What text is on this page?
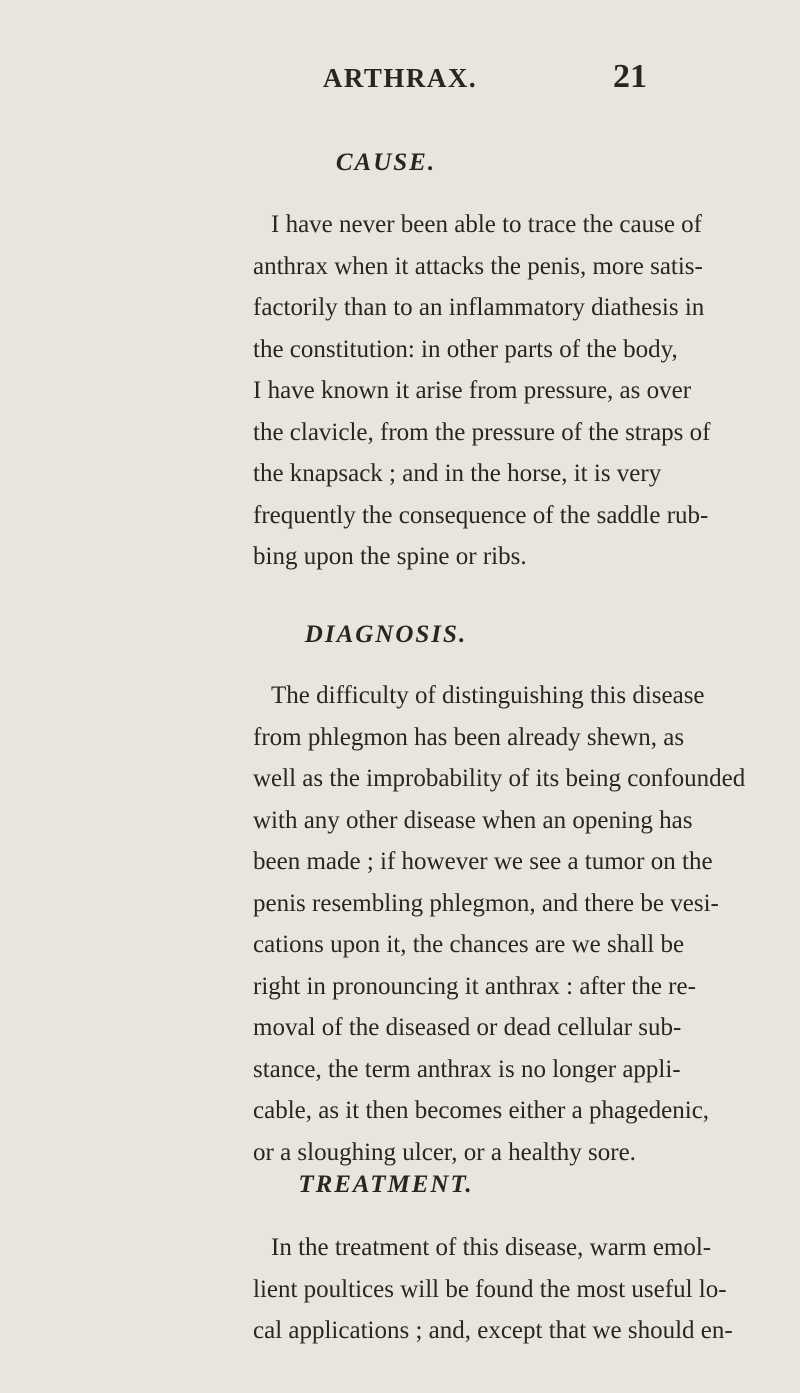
ARTHRAX.	21
CAUSE.
I have never been able to trace the cause of
anthrax when it attacks the penis, more satis-
factorily than to an inflammatory diathesis in
the constitution: in other parts of the body,
I have known it arise from pressure, as over
the clavicle, from the pressure of the straps of
the knapsack ; and in the horse, it is very
frequently the consequence of the saddle rub-
bing upon the spine or ribs.
DIAGNOSIS.
The difficulty of distinguishing this disease
from phlegmon has been already shewn, as
well as the improbability of its being confounded
with any other disease when an opening has
been made ; if however we see a tumor on the
penis resembling phlegmon, and there be vesi-
cations upon it, the chances are we shall be
right in pronouncing it anthrax : after the re-
moval of the diseased or dead cellular sub-
stance, the term anthrax is no longer appli-
cable, as it then becomes either a phagedenic,
or a sloughing ulcer, or a healthy sore.
TREATMENT.
In the treatment of this disease, warm emol-
lient poultices will be found the most useful lo-
cal applications ; and, except that we should en-
